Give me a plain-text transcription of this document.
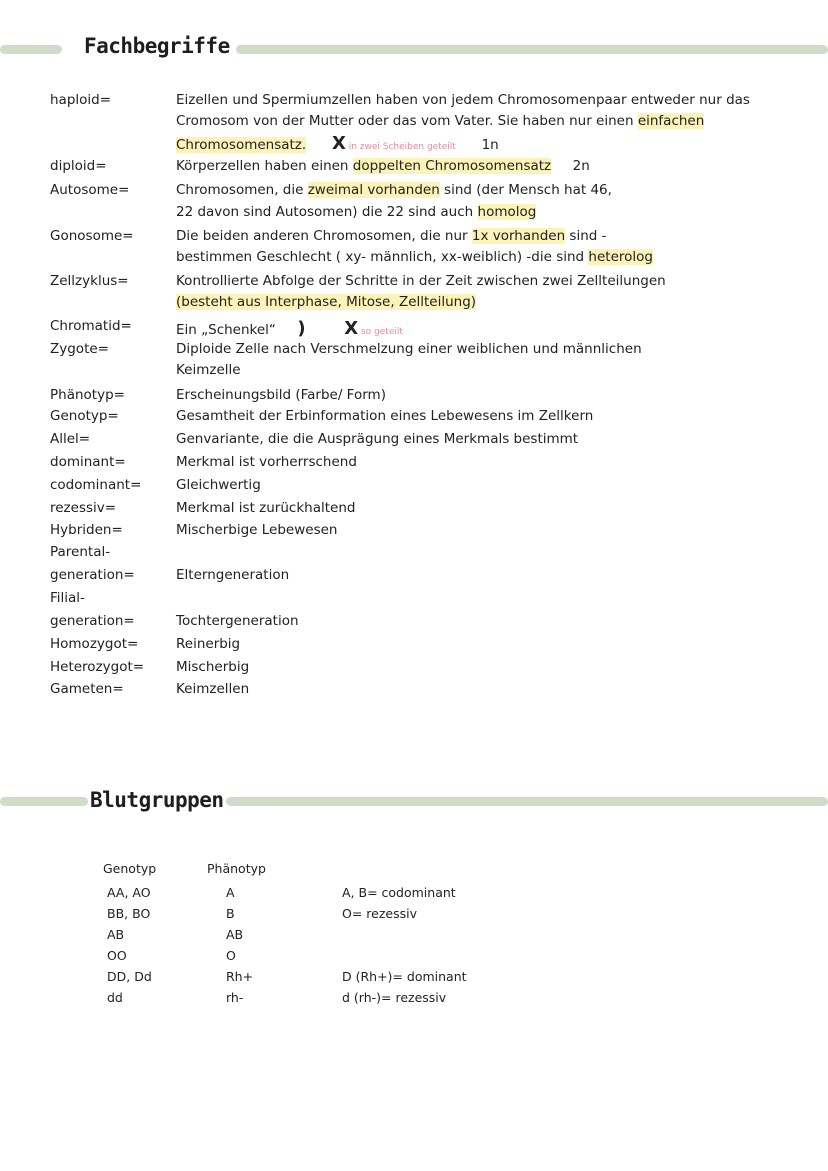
Fachbegriffe
haploid=	Eizellen und Spermiumzellen haben von jedem Chromosomenpaar entweder nur das
Cromosom von der Mutter oder das vom Vater. Sie haben nur einen einfachen
Chromosomensatz. X in zwei Scheiben geteilt      1n
diploid=	Körperzellen haben einen doppelten Chromosomensatz     2n
Autosome=	Chromosomen, die zweimal vorhanden sind (der Mensch hat 46,
22 davon sind Autosomen) die 22 sind auch homolog
Gonosome=	Die beiden anderen Chromosomen, die nur 1x vorhanden sind -
bestimmen Geschlecht ( xy- männlich, xx-weiblich) -die sind heterolog
Zellzyklus=	Kontrollierte Abfolge der Schritte in der Zeit zwischen zwei Zellteilungen
(besteht aus Interphase, Mitose, Zellteilung)
Chromatid=	Ein „Schenkel“     ) X so geteilt
Zygote=	Diploide Zelle nach Verschmelzung einer weiblichen und männlichen
Keimzelle
Phänotyp=	Erscheinungsbild (Farbe/ Form)
Genotyp=	Gesamtheit der Erbinformation eines Lebewesens im Zellkern
Allel=	Genvariante, die die Ausprägung eines Merkmals bestimmt
dominant=	Merkmal ist vorherrschend
codominant=	Gleichwertig
rezessiv=	Merkmal ist zurückhaltend
Hybriden=	Mischerbige Lebewesen
Parental-
generation=	Elterngeneration
Filial-
generation=	Tochtergeneration
Homozygot=	Reinerbig
Heterozygot= Mischerbig
Gameten=	Keimzellen
Blutgruppen
Genotyp	Phänotyp
AA, AO	A	A, B= codominant
BB, BO	B	O= rezessiv
AB	AB
OO	O
DD, Dd	Rh+	D (Rh+)= dominant
dd	rh-	d (rh-)= rezessiv
